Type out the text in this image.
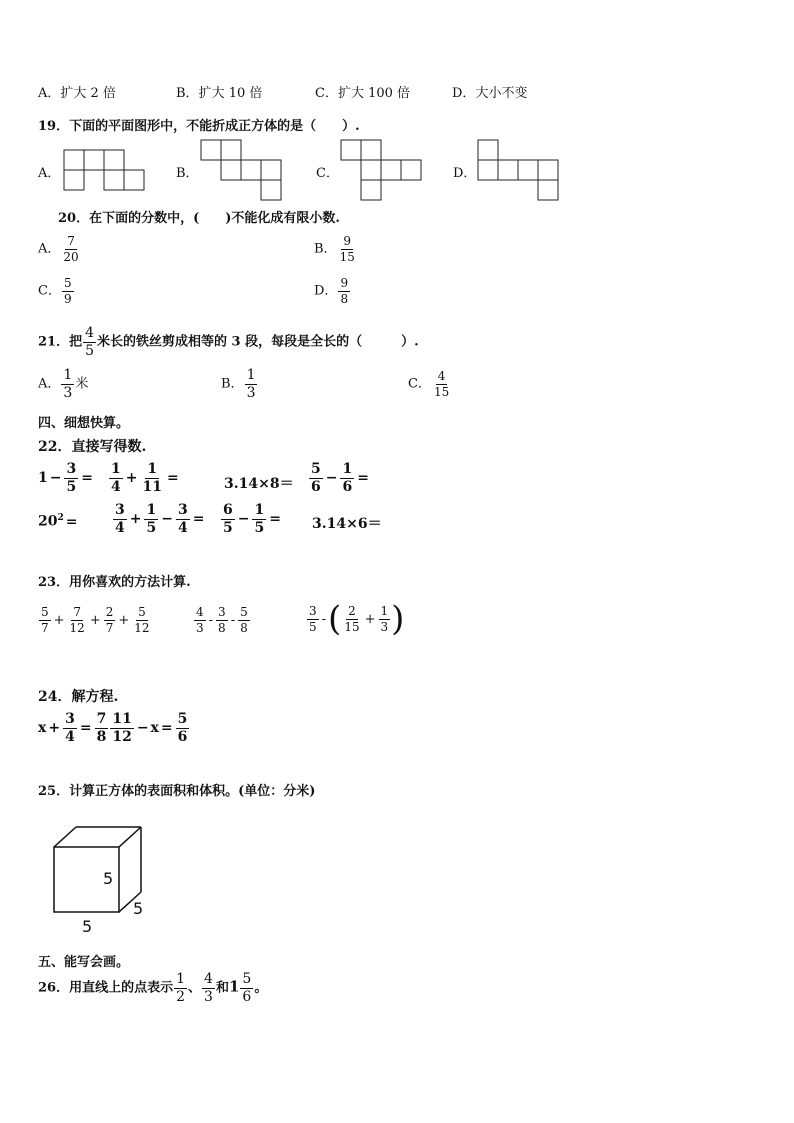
A．扩大 2 倍	B．扩大 10 倍	C．扩大 100 倍	D．大小不变
19．下面的平面图形中，不能折成正方体的是（　　）.
A．	B．	C．	D．
20．在下面的分数中，(　　)不能化成有限小数.
A． $\frac{7}{20}$	B． $\frac{9}{15}$
C． $\frac{5}{9}$	D． $\frac{9}{8}$
21．把 $\frac{4}{5}$ 米长的铁丝剪成相等的 3 段，每段是全长的（　　　）.
A． $\frac{1}{3}$ 米	B． $\frac{1}{3}$	C． $\frac{4}{15}$
四、细想快算。
22．直接写得数.
$1 - \frac{3}{5} = \frac{1}{4} + \frac{1}{11}$ =	$3.14\times 8= \frac{5}{6} - \frac{1}{6}$ =
$20^2$ =	$\frac{3}{4} + \frac{1}{5} - \frac{3}{4} = \frac{6}{5} - \frac{1}{5} = 3.14\times 6=$
23．用你喜欢的方法计算.
$\frac{5}{7} + \frac{7}{12} + \frac{2}{7} + \frac{5}{12}$	$\frac{4}{3} - \frac{3}{8} - \frac{5}{8}$	$\frac{3}{5}$ -( $\frac{2}{15} + \frac{1}{3}$ )
24．解方程.
$x + \frac{3}{4} = \frac{7}{8} \frac{11}{12} - x = \frac{5}{6}$
25．计算正方体的表面积和体积。(单位：分米)
5
5
5
五、能写会画。
26．用直线上的点表示 $\frac{1}{2}$ 、 $\frac{4}{3}$ 和$1 \frac{5}{6}$ 。
